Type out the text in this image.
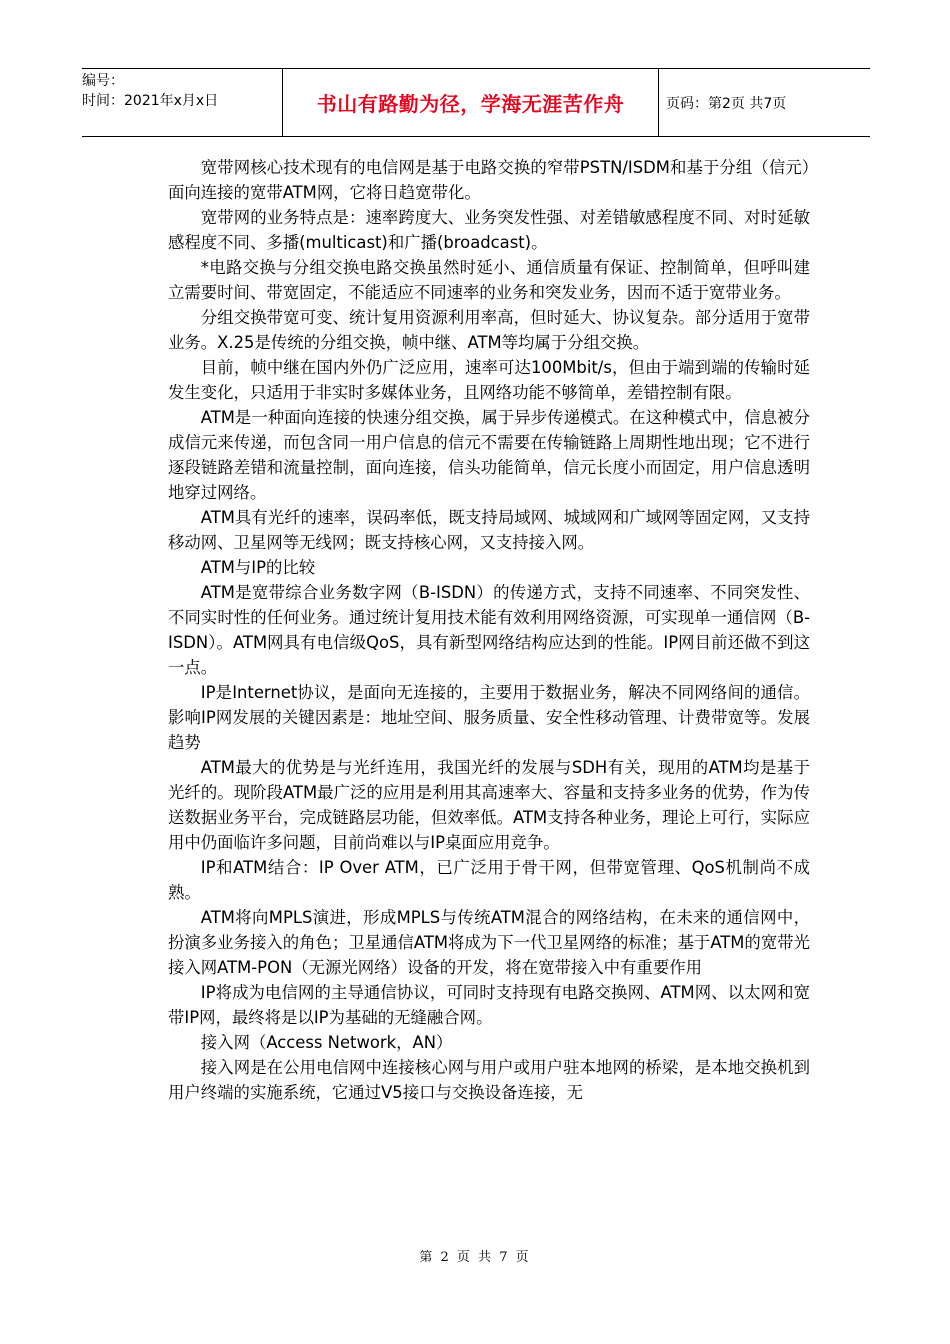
编号：
时间：2021年x月x日	书山有路勤为径，学海无涯苦作舟	页码：第2页 共7页

宽带网核心技术现有的电信网是基于电路交换的窄带PSTN/ISDM和基于分组（信元）面向连接的宽带ATM网，它将日趋宽带化。

宽带网的业务特点是：速率跨度大、业务突发性强、对差错敏感程度不同、对时延敏感程度不同、多播(multicast)和广播(broadcast)。

*电路交换与分组交换电路交换虽然时延小、通信质量有保证、控制简单，但呼叫建立需要时间、带宽固定，不能适应不同速率的业务和突发业务，因而不适于宽带业务。

分组交换带宽可变、统计复用资源利用率高，但时延大、协议复杂。部分适用于宽带业务。X.25是传统的分组交换，帧中继、ATM等均属于分组交换。

目前，帧中继在国内外仍广泛应用，速率可达100Mbit/s，但由于端到端的传输时延发生变化，只适用于非实时多媒体业务，且网络功能不够简单，差错控制有限。

ATM是一种面向连接的快速分组交换，属于异步传递模式。在这种模式中，信息被分成信元来传递，而包含同一用户信息的信元不需要在传输链路上周期性地出现；它不进行逐段链路差错和流量控制，面向连接，信头功能简单，信元长度小而固定，用户信息透明地穿过网络。

ATM具有光纤的速率，误码率低，既支持局域网、城域网和广域网等固定网，又支持移动网、卫星网等无线网；既支持核心网，又支持接入网。

ATM与IP的比较

ATM是宽带综合业务数字网（B-ISDN）的传递方式，支持不同速率、不同突发性、不同实时性的任何业务。通过统计复用技术能有效利用网络资源，可实现单一通信网（B-ISDN）。ATM网具有电信级QoS，具有新型网络结构应达到的性能。IP网目前还做不到这一点。

IP是Internet协议，是面向无连接的，主要用于数据业务，解决不同网络间的通信。影响IP网发展的关键因素是：地址空间、服务质量、安全性移动管理、计费带宽等。发展趋势

ATM最大的优势是与光纤连用，我国光纤的发展与SDH有关，现用的ATM均是基于光纤的。现阶段ATM最广泛的应用是利用其高速率大、容量和支持多业务的优势，作为传送数据业务平台，完成链路层功能，但效率低。ATM支持各种业务，理论上可行，实际应用中仍面临许多问题，目前尚难以与IP桌面应用竞争。

IP和ATM结合：IP Over ATM，已广泛用于骨干网，但带宽管理、QoS机制尚不成熟。

ATM将向MPLS演进，形成MPLS与传统ATM混合的网络结构，在未来的通信网中，扮演多业务接入的角色；卫星通信ATM将成为下一代卫星网络的标准；基于ATM的宽带光接入网ATM-PON（无源光网络）设备的开发，将在宽带接入中有重要作用

IP将成为电信网的主导通信协议，可同时支持现有电路交换网、ATM网、以太网和宽带IP网，最终将是以IP为基础的无缝融合网。

接入网（Access Network，AN）

接入网是在公用电信网中连接核心网与用户或用户驻本地网的桥梁，是本地交换机到用户终端的实施系统，它通过V5接口与交换设备连接，无

第 2 页 共 7 页
